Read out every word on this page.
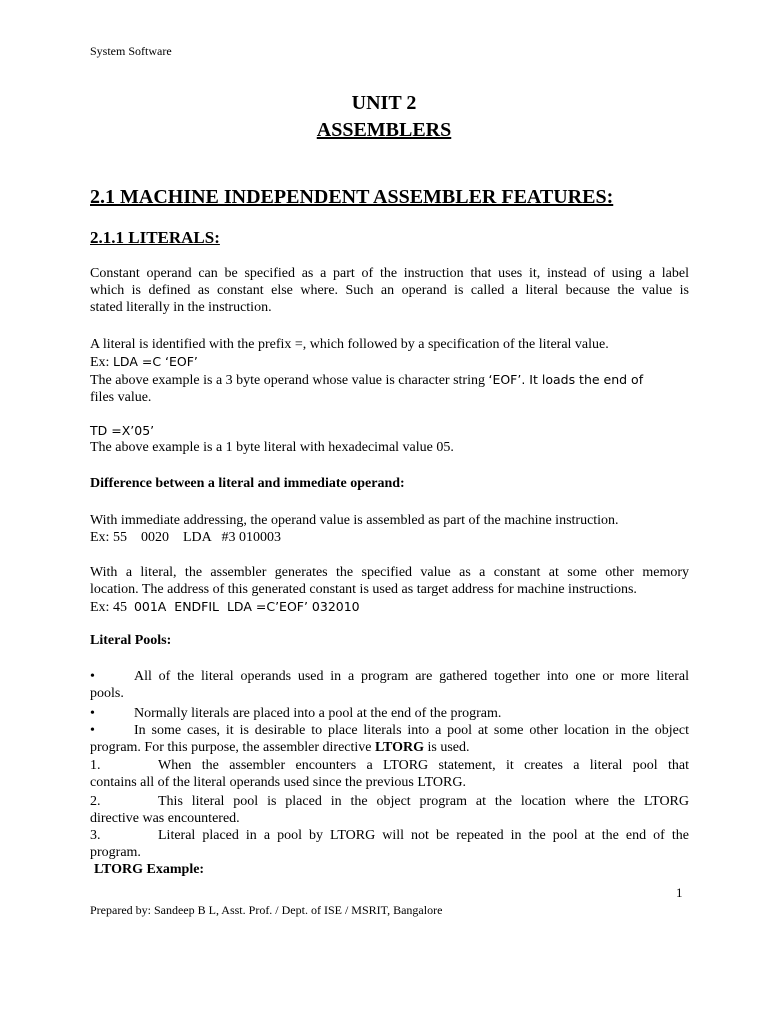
System Software
UNIT 2
ASSEMBLERS
2.1 MACHINE INDEPENDENT ASSEMBLER FEATURES:
2.1.1 LITERALS:
Constant operand can be specified as a part of the instruction that uses it, instead of using a label
which is defined as constant else where. Such an operand is called a literal because the value is
stated literally in the instruction.
A literal is identified with the prefix =, which followed by a specification of the literal value.
Ex: LDA =C ‘EOF’
The above example is a 3 byte operand whose value is character string ‘EOF’. It loads the end of
files value.
TD =X’05’
The above example is a 1 byte literal with hexadecimal value 05.
Difference between a literal and immediate operand:
With immediate addressing, the operand value is assembled as part of the machine instruction.
Ex: 55    0020    LDA   #3 010003
With a literal, the assembler generates the specified value as a constant at some other memory
location. The address of this generated constant is used as target address for machine instructions.
Ex: 45  001A  ENDFIL  LDA =C’EOF’ 032010
Literal Pools:
•	All of the literal operands used in a program are gathered together into one or more literal
pools.
•	Normally literals are placed into a pool at the end of the program.
•	In some cases, it is desirable to place literals into a pool at some other location in the object
program. For this purpose, the assembler directive LTORG is used.
1.	When the assembler encounters a LTORG statement, it creates a literal pool that
contains all of the literal operands used since the previous LTORG.
2.	This literal pool is placed in the object program at the location where the LTORG
directive was encountered.
3.	Literal placed in a pool by LTORG will not be repeated in the pool at the end of the
program.
LTORG Example:
1
Prepared by: Sandeep B L, Asst. Prof. / Dept. of ISE / MSRIT, Bangalore
